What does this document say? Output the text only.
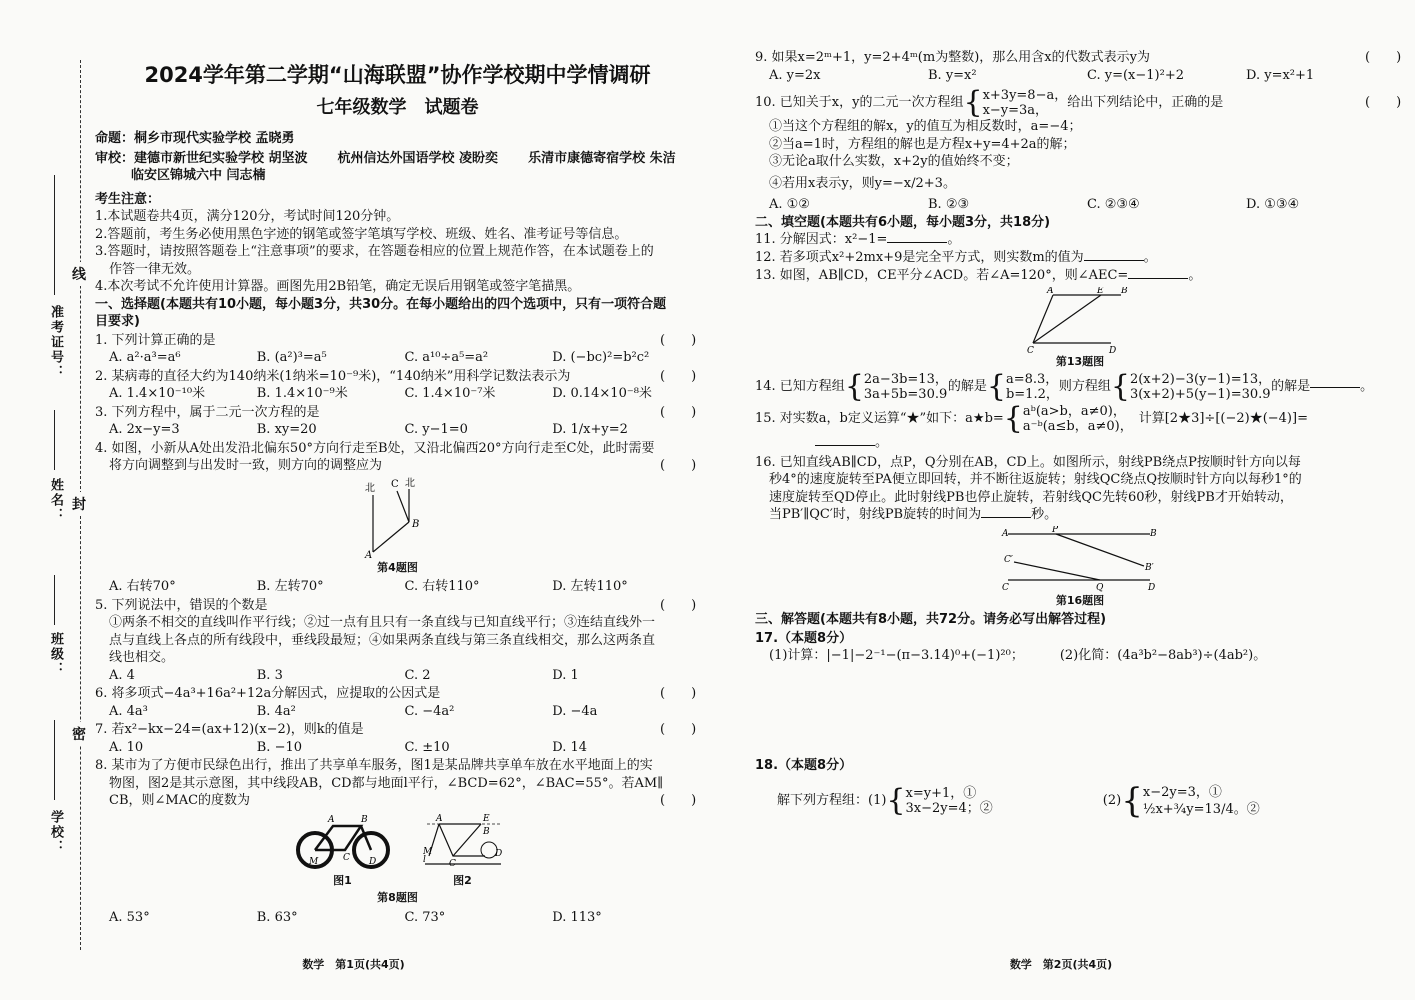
准考证号：
姓名：
班级：
学校：
线
封
密
2024学年第二学期“山海联盟”协作学校期中学情调研
七年级数学　试题卷
命题：桐乡市现代实验学校 孟晓勇
审校：建德市新世纪实验学校 胡坚波 杭州信达外国语学校 凌盼奕 乐清市康德寄宿学校 朱洁
临安区锦城六中 闫志楠
考生注意：
1.本试题卷共4页，满分120分，考试时间120分钟。
2.答题前，考生务必使用黑色字迹的钢笔或签字笔填写学校、班级、姓名、准考证号等信息。
3.答题时，请按照答题卷上“注意事项”的要求，在答题卷相应的位置上规范作答，在本试题卷上的
作答一律无效。
4.本次考试不允许使用计算器。画图先用2B铅笔，确定无误后用钢笔或签字笔描黑。
一、选择题(本题共有10小题，每小题3分，共30分。在每小题给出的四个选项中，只有一项符合题
目要求)
1. 下列计算正确的是	(　　)
A. a²·a³=a⁶	B. (a²)³=a⁵	C. a¹⁰÷a⁵=a²	D. (−bc)²=b²c²
2. 某病毒的直径大约为140纳米(1纳米=10⁻⁹米)，“140纳米”用科学记数法表示为	(　　)
A. 1.4×10⁻¹⁰米	B. 1.4×10⁻⁹米	C. 1.4×10⁻⁷米	D. 0.14×10⁻⁸米
3. 下列方程中，属于二元一次方程的是	(　　)
A. 2x−y=3	B. xy=20	C. y−1=0	D. 1/x+y=2
4. 如图，小新从A处出发沿北偏东50°方向行走至B处，又沿北偏西20°方向行走至C处，此时需要
将方向调整到与出发时一致，则方向的调整应为	(　　)
北 C 北
B
A
第4题图
A. 右转70°	B. 左转70°	C. 右转110°	D. 左转110°
5. 下列说法中，错误的个数是	(　　)
①两条不相交的直线叫作平行线；②过一点有且只有一条直线与已知直线平行；③连结直线外一
点与直线上各点的所有线段中，垂线段最短；④如果两条直线与第三条直线相交，那么这两条直
线也相交。
A. 4	B. 3	C. 2	D. 1
6. 将多项式−4a³+16a²+12a分解因式，应提取的公因式是	(　　)
A. 4a³	B. 4a²	C. −4a²	D. −4a
7. 若x²−kx−24=(ax+12)(x−2)，则k的值是	(　　)
A. 10	B. −10	C. ±10	D. 14
8. 某市为了方便市民绿色出行，推出了共享单车服务，图1是某品牌共享单车放在水平地面上的实
物图，图2是其示意图，其中线段AB，CD都与地面l平行，∠BCD=62°，∠BAC=55°。若AM∥
CB，则∠MAC的度数为	(　　)
A	B
M	C D
图1
A	E
B
M
l	C
D
图2
第8题图
A. 53°	B. 63°	C. 73°	D. 113°
数学　第1页(共4页)
9. 如果x=2ᵐ+1，y=2+4ᵐ(m为整数)，那么用含x的代数式表示y为	(　　)
A. y=2x	B. y=x²	C. y=(x−1)²+2	D. y=x²+1
10. 已知关于x，y的二元一次方程组 { x+3y=8−a，
x−y=3a，
给出下列结论中，正确的是	(　　)
①当这个方程组的解x，y的值互为相反数时，a=−4；
②当a=1时，方程组的解也是方程x+y=4+2a的解；
③无论a取什么实数，x+2y的值始终不变；
④若用x表示y，则y=−x/2+3。
A. ①②	B. ②③	C. ②③④	D. ①③④
二、填空题(本题共有6小题，每小题3分，共18分)
11. 分解因式：x²−1=	。
12. 若多项式x²+2mx+9是完全平方式，则实数m的值为	。
13. 如图，AB∥CD，CE平分∠ACD。若∠A=120°，则∠AEC=	。
A	E B
C	D
第13题图
14. 已知方程组 { 2a−3b=13，
3a+5b=30.9
的解是 { a=8.3，
b=1.2，
则方程组 { 2(x+2)−3(y−1)=13，
3(x+2)+5(y−1)=30.9
的解是	。
15. 对实数a，b定义运算“★”如下：a★b= { aᵇ(a>b，a≠0)，
a⁻ᵇ(a≤b，a≠0)，
计算[2★3]÷[(−2)★(−4)]=
。
16. 已知直线AB∥CD，点P，Q分别在AB，CD上。如图所示，射线PB绕点P按顺时针方向以每
秒4°的速度旋转至PA便立即回转，并不断往返旋转；射线QC绕点Q按顺时针方向以每秒1°的
速度旋转至QD停止。此时射线PB也停止旋转，若射线QC先转60秒，射线PB才开始转动，
当PB′∥QC′时，射线PB旋转的时间为	秒。
A	P	B
C′
B′
C	Q	D
第16题图
三、解答题(本题共有8小题，共72分。请务必写出解答过程)
17.（本题8分）
(1)计算：|−1|−2⁻¹−(π−3.14)⁰+(−1)²⁰；	(2)化简：(4a³b²−8ab³)÷(4ab²)。
18.（本题8分）
解下列方程组：(1) { x=y+1，①
3x−2y=4；②
(2) { x−2y=3，①
½x+¾y=13/4。②
数学　第2页(共4页)
